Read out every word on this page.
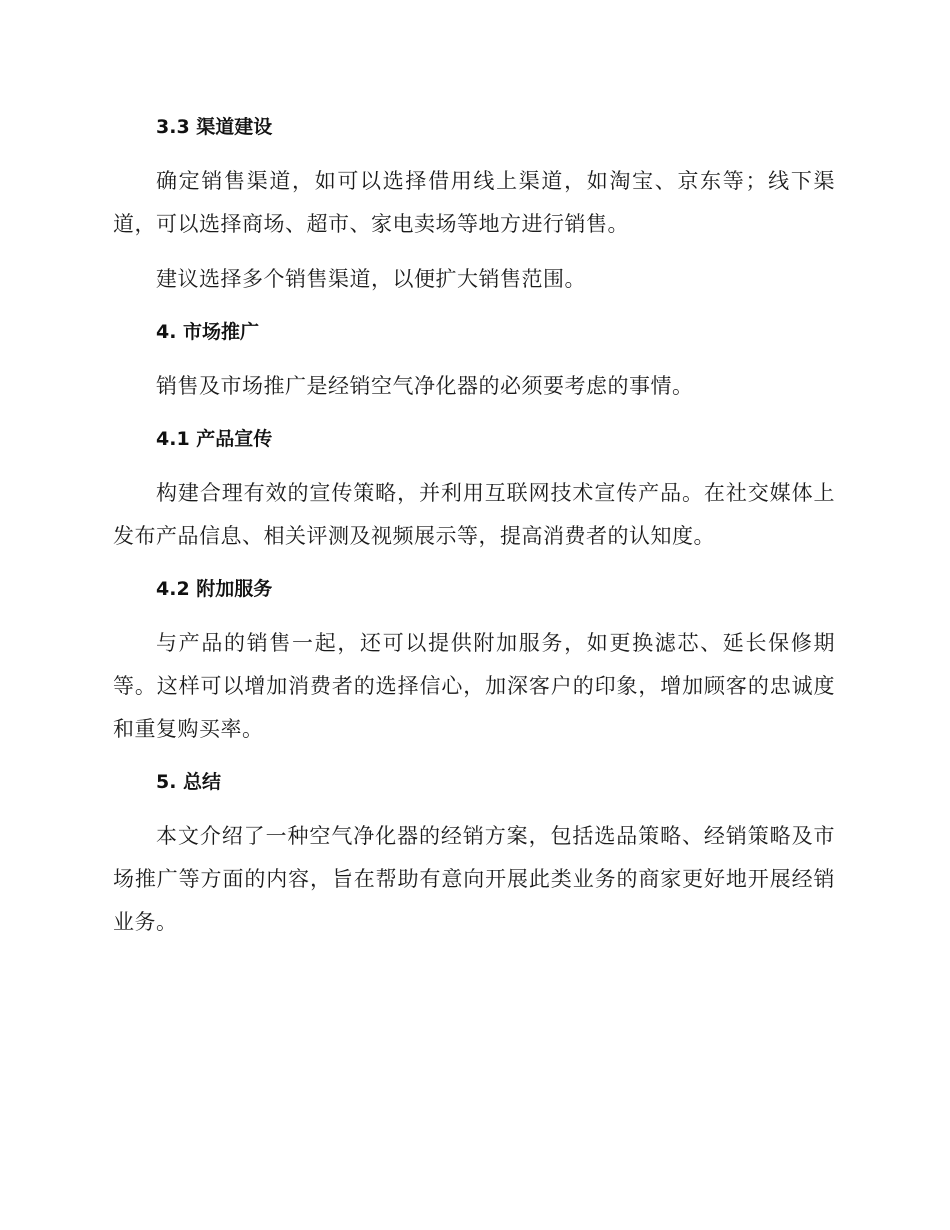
3.3 渠道建设

确定销售渠道，如可以选择借用线上渠道，如淘宝、京东等；线下渠道，可以选择商场、超市、家电卖场等地方进行销售。

建议选择多个销售渠道，以便扩大销售范围。

4. 市场推广

销售及市场推广是经销空气净化器的必须要考虑的事情。

4.1 产品宣传

构建合理有效的宣传策略，并利用互联网技术宣传产品。在社交媒体上发布产品信息、相关评测及视频展示等，提高消费者的认知度。

4.2 附加服务

与产品的销售一起，还可以提供附加服务，如更换滤芯、延长保修期等。这样可以增加消费者的选择信心，加深客户的印象，增加顾客的忠诚度和重复购买率。

5. 总结

本文介绍了一种空气净化器的经销方案，包括选品策略、经销策略及市场推广等方面的内容，旨在帮助有意向开展此类业务的商家更好地开展经销业务。
